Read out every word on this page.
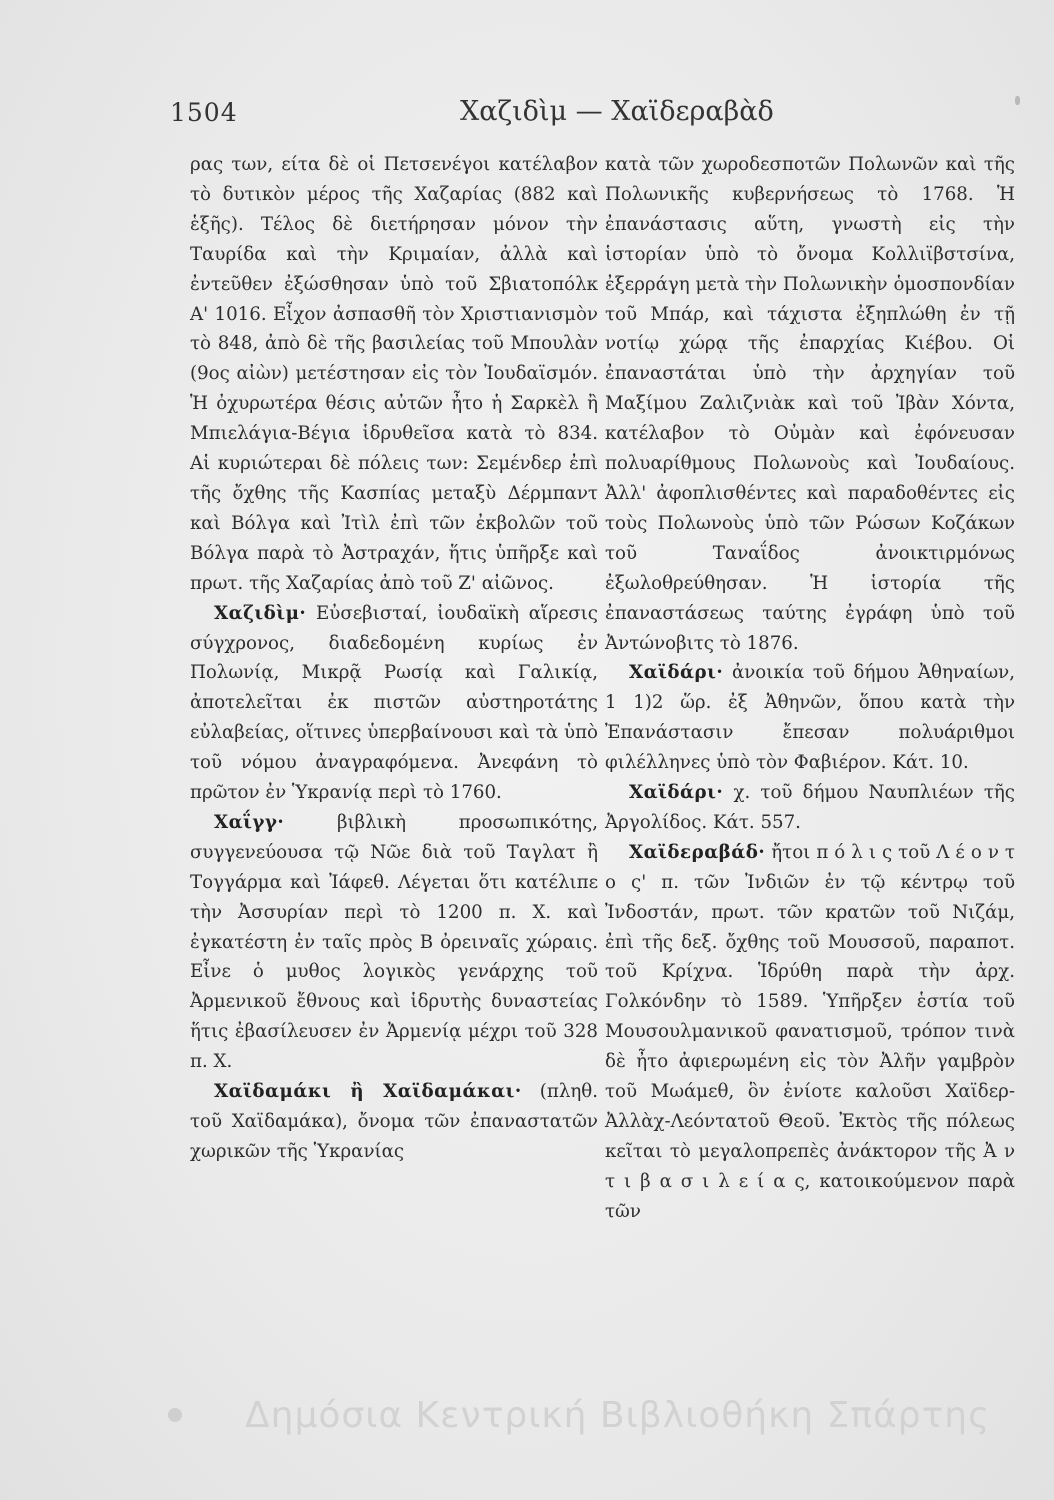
1504	Χαζιδὶμ — Χαϊδεραβὰδ

ρας των, είτα δὲ οἱ Πετσενέγοι κατέλαβον τὸ δυτικὸν μέρος τῆς Χαζαρίας (882 καὶ ἑξῆς). Τέλος δὲ διετήρησαν μόνον τὴν Ταυρίδα καὶ τὴν Κριμαίαν, ἀλλὰ καὶ ἐντεῦθεν ἐξώσθησαν ὑπὸ τοῦ Σβιατοπόλκ Α' 1016. Εἶχον ἀσπασθῆ τὸν Χριστιανισμὸν τὸ 848, ἀπὸ δὲ τῆς βασιλείας τοῦ Μπουλὰν (9ος αἰὼν) μετέστησαν εἰς τὸν Ἰουδαϊσμόν. Ἡ ὀχυρωτέρα θέσις αὐτῶν ἦτο ἡ Σαρκὲλ ἢ Μπιελάγια-Βέγια ἱδρυθεῖσα κατὰ τὸ 834. Αἱ κυριώτεραι δὲ πόλεις των: Σεμένδερ ἐπὶ τῆς ὄχθης τῆς Κασπίας μεταξὺ Δέρμπαντ καὶ Βόλγα καὶ Ἰτὶλ ἐπὶ τῶν ἐκβολῶν τοῦ Βόλγα παρὰ τὸ Ἀστραχάν, ἥτις ὑπῆρξε καὶ πρωτ. τῆς Χαζαρίας ἀπὸ τοῦ Ζ' αἰῶνος.

Χαζιδὶμ· Εὐσεβισταί, ἰουδαϊκὴ αἵρεσις σύγχρονος, διαδεδομένη κυρίως ἐν Πολωνίᾳ, Μικρᾷ Ρωσίᾳ καὶ Γαλικίᾳ, ἀποτελεῖται ἐκ πιστῶν αὐστηροτάτης εὐλαβείας, οἵτινες ὑπερβαίνουσι καὶ τὰ ὑπὸ τοῦ νόμου ἀναγραφόμενα. Ἀνεφάνη τὸ πρῶτον ἐν Ὑκρανίᾳ περὶ τὸ 1760.

Χαΐγγ·	βιβλικὴ προσωπικότης, συγγενεύουσα τῷ Νῶε διὰ τοῦ Ταγλατ ἢ Τογγάρμα καὶ Ἰάφεθ. Λέγεται ὅτι κατέλιπε τὴν Ἀσσυρίαν περὶ τὸ 1200 π. Χ. καὶ ἐγκατέστη ἐν ταῖς πρὸς Β ὀρειναῖς χώραις. Εἶνε ὁ μυθος λογικὸς γενάρχης τοῦ Ἀρμενικοῦ ἔθνους καὶ ἱδρυτὴς δυναστείας ἥτις ἐβασίλευσεν ἐν Ἀρμενίᾳ μέχρι τοῦ 328 π. Χ.

Χαϊδαμάκι ἢ Χαϊδαμάκαι· (πληθ. τοῦ Χαϊδαμάκα), ὄνομα τῶν ἐπαναστατῶν χωρικῶν τῆς Ὑκρανίας

κατὰ τῶν χωροδεσποτῶν Πολωνῶν καὶ τῆς Πολωνικῆς κυβερνήσεως τὸ 1768. Ἡ ἐπανάστασις αὕτη, γνωστὴ εἰς τὴν ἱστορίαν ὑπὸ τὸ ὄνομα Κολλιϊβστσίνα, ἐξερράγη μετὰ τὴν Πολωνικὴν ὁμοσπονδίαν τοῦ Μπάρ, καὶ τάχιστα ἐξηπλώθη ἐν τῇ νοτίῳ χώρᾳ τῆς ἐπαρχίας Κιέβου. Οἱ ἐπαναστάται ὑπὸ τὴν ἀρχηγίαν τοῦ Μαξίμου Ζαλιζνιὰκ καὶ τοῦ Ἰβὰν Χόντα, κατέλαβον τὸ Οὐμὰν καὶ ἐφόνευσαν πολυαρίθμους Πολωνοὺς καὶ Ἰουδαίους. Ἀλλ' ἀφοπλισθέντες καὶ παραδοθέντες εἰς τοὺς Πολωνοὺς ὑπὸ τῶν Ρώσων Κοζάκων τοῦ Ταναΐδος ἀνοικτιρμόνως ἐξωλοθρεύθησαν. Ἡ ἱστορία τῆς ἐπαναστάσεως ταύτης ἐγράφη ὑπὸ τοῦ Ἀντώνοβιτς τὸ 1876.

Χαϊδάρι· ἀνοικία τοῦ δήμου Ἀθηναίων, 1 1)2 ὥρ. ἐξ Ἀθηνῶν, ὅπου κατὰ τὴν Ἐπανάστασιν ἔπεσαν πολυάριθμοι φιλέλληνες ὑπὸ τὸν Φαβιέρον. Κάτ. 10.

Χαϊδάρι· χ. τοῦ δήμου Ναυπλιέων τῆς Ἀργολίδος. Κάτ. 557.

Χαϊδεραβάδ· ἤτοι π ό λ ι ς τοῦ Λ έ ο ν τ ο ς' π. τῶν Ἰνδιῶν ἐν τῷ κέντρῳ τοῦ Ἰνδοστάν, πρωτ. τῶν κρατῶν τοῦ Νιζάμ, ἐπὶ τῆς δεξ. ὄχθης τοῦ Μουσσοῦ, παραποτ. τοῦ Κρίχνα. Ἱδρύθη παρὰ τὴν ἀρχ. Γολκόνδην τὸ 1589. Ὑπῆρξεν ἑστία τοῦ Μουσουλμανικοῦ φανατισμοῦ, τρόπον τινὰ δὲ ἦτο ἀφιερωμένη εἰς τὸν Ἀλῆν γαμβρὸν τοῦ Μωάμεθ, ὃν ἐνίοτε καλοῦσι Χαϊδερ-Ἀλλὰχ-Λεόντατοῦ Θεοῦ. Ἐκτὸς τῆς πόλεως κεῖται τὸ μεγαλοπρεπὲς ἀνάκτορον τῆς Ἀ ν τ ι β α σ ι λ ε ί α ς, κατοικούμενον παρὰ τῶν

Δημόσια Κεντρική Βιβλιοθήκη Σπάρτης
